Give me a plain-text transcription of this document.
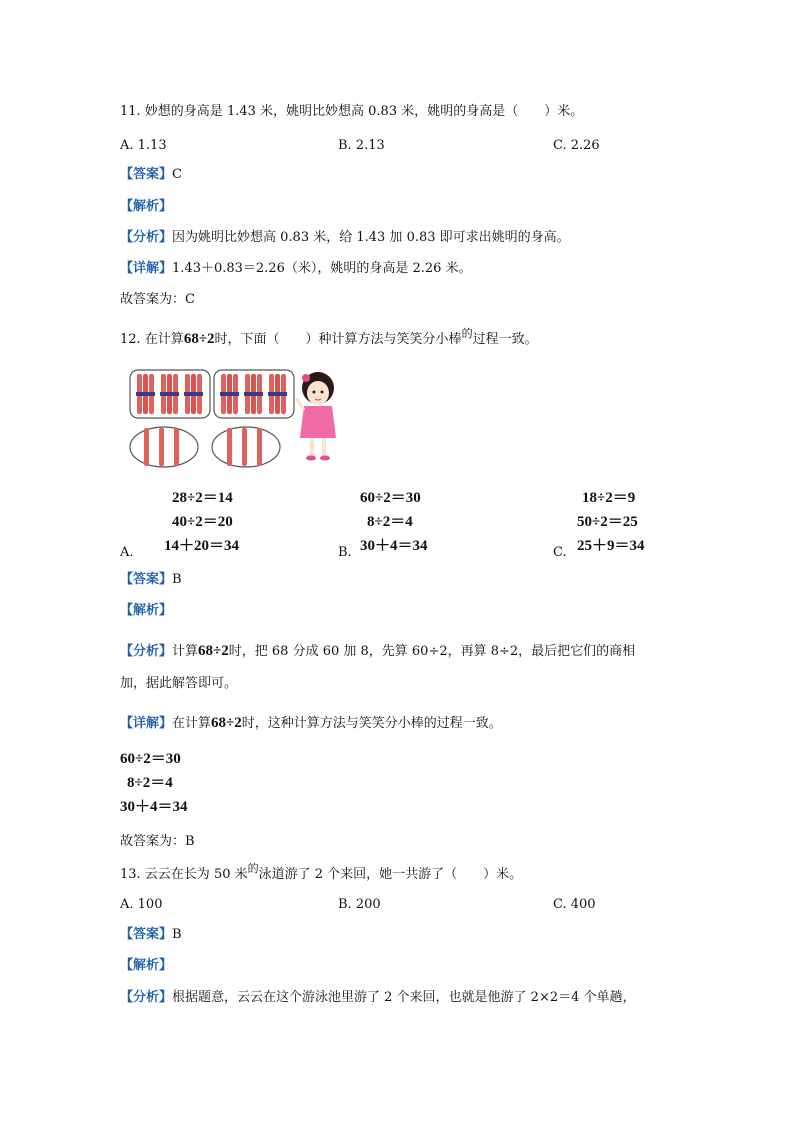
11. 妙想的身高是 1.43 米，姚明比妙想高 0.83 米，姚明的身高是（　　）米。
A. 1.13	B. 2.13	C. 2.26
【答案】C
【解析】
【分析】因为姚明比妙想高 0.83 米，给 1.43 加 0.83 即可求出姚明的身高。
【详解】1.43＋0.83＝2.26（米），姚明的身高是 2.26 米。
故答案为：C
12. 在计算68÷2时，下面（　　）种计算方法与笑笑分小棒$^的$过程一致。
28÷2＝14
40÷2＝20
14＋20＝34
A.
60÷2＝30
8÷2＝4
30＋4＝34
B.
18÷2＝9
50÷2＝25
25＋9＝34
C.
【答案】B
【解析】
【分析】计算68÷2时，把 68 分成 60 加 8，先算 60÷2，再算 8÷2，最后把它们的商相
加，据此解答即可。
【详解】在计算68÷2时，这种计算方法与笑笑分小棒的过程一致。
60÷2＝30
8÷2＝4
30＋4＝34
故答案为：B
13. 云云在长为 50 米$^的$泳道游了 2 个来回，她一共游了（　　）米。
A. 100	B. 200	C. 400
【答案】B
【解析】
【分析】根据题意，云云在这个游泳池里游了 2 个来回，也就是他游了 2×2＝4 个单趟，
